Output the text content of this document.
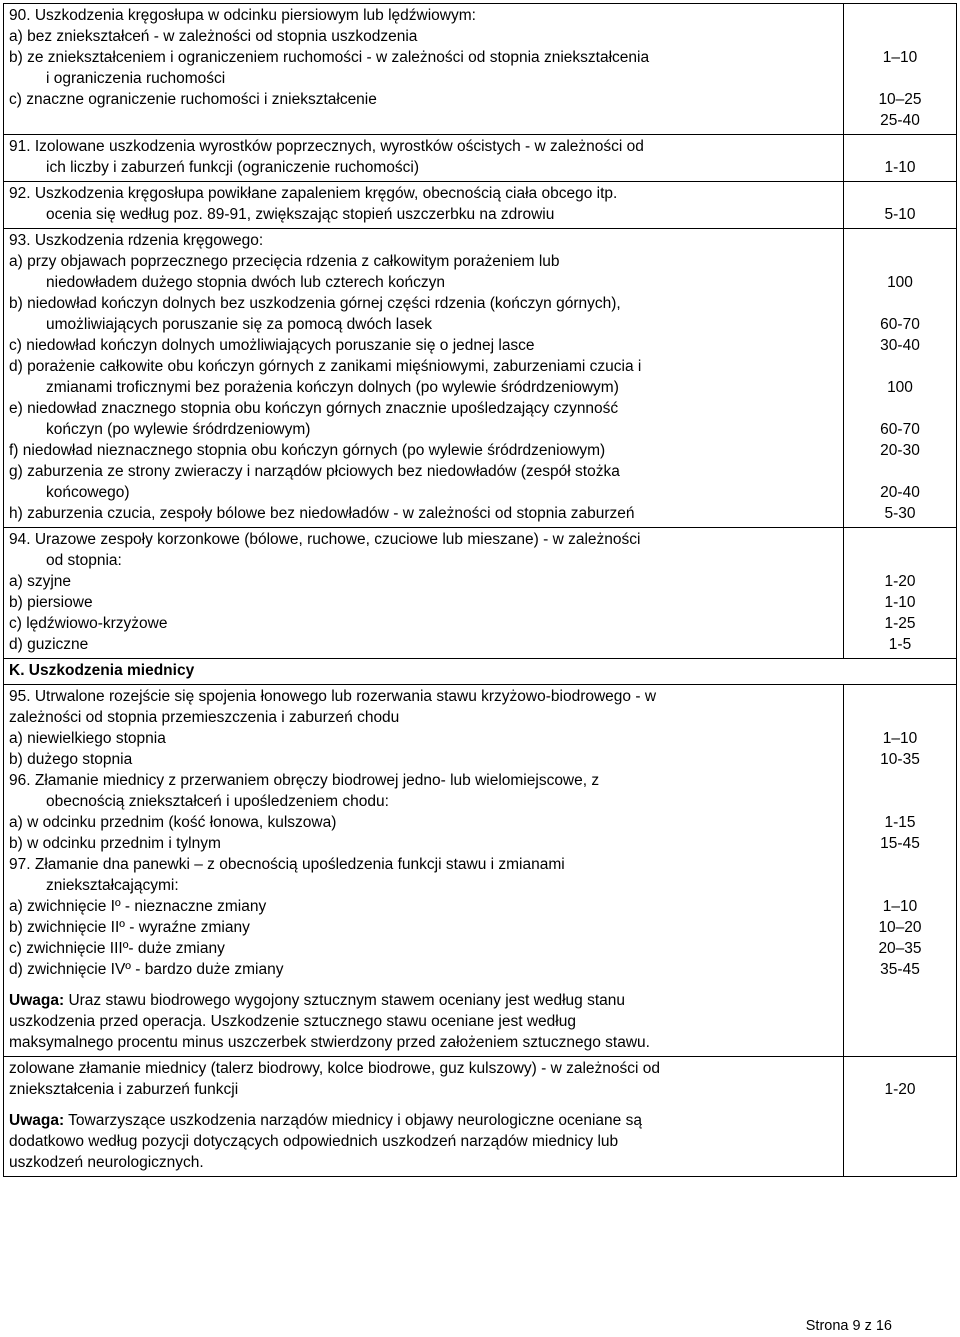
90. Uszkodzenia kręgosłupa w odcinku piersiowym lub lędźwiowym:
a) bez zniekształceń - w zależności od stopnia uszkodzenia
b) ze zniekształceniem i ograniczeniem ruchomości - w zależności od stopnia zniekształcenia
i ograniczenia ruchomości
c) znaczne ograniczenie ruchomości i zniekształcenie
1–10
10–25
25-40
91. Izolowane uszkodzenia wyrostków poprzecznych, wyrostków ościstych - w zależności od
ich liczby i zaburzeń funkcji (ograniczenie ruchomości)	1-10
92. Uszkodzenia kręgosłupa powikłane zapaleniem kręgów, obecnością ciała obcego itp.
ocenia się według poz. 89-91, zwiększając stopień uszczerbku na zdrowiu	5-10
93. Uszkodzenia rdzenia kręgowego:
a) przy objawach poprzecznego przecięcia rdzenia z całkowitym porażeniem lub
niedowładem dużego stopnia dwóch lub czterech kończyn
b) niedowład kończyn dolnych bez uszkodzenia górnej części rdzenia (kończyn górnych),
umożliwiających poruszanie się za pomocą dwóch lasek
c) niedowład kończyn dolnych umożliwiających poruszanie się o jednej lasce
d) porażenie całkowite obu kończyn górnych z zanikami mięśniowymi, zaburzeniami czucia i
zmianami troficznymi bez porażenia kończyn dolnych (po wylewie śródrdzeniowym)
e) niedowład znacznego stopnia obu kończyn górnych znacznie upośledzający czynność
kończyn (po wylewie śródrdzeniowym)
f) niedowład nieznacznego stopnia obu kończyn górnych (po wylewie śródrdzeniowym)
g) zaburzenia ze strony zwieraczy i narządów płciowych bez niedowładów (zespół stożka
końcowego)
h) zaburzenia czucia, zespoły bólowe bez niedowładów - w zależności od stopnia zaburzeń
100
60-70
30-40
100
60-70
20-30
20-40
5-30
94. Urazowe zespoły korzonkowe (bólowe, ruchowe, czuciowe lub mieszane) - w zależności
od stopnia:
a) szyjne
b) piersiowe
c) lędźwiowo-krzyżowe
d) guziczne
1-20
1-10
1-25
1-5
K. Uszkodzenia miednicy
95. Utrwalone rozejście się spojenia łonowego lub rozerwania stawu krzyżowo-biodrowego - w
zależności od stopnia przemieszczenia i zaburzeń chodu
a) niewielkiego stopnia
b) dużego stopnia
96. Złamanie miednicy z przerwaniem obręczy biodrowej jedno- lub wielomiejscowe, z
obecnością zniekształceń i upośledzeniem chodu:
a) w odcinku przednim (kość łonowa, kulszowa)
b) w odcinku przednim i tylnym
97. Złamanie dna panewki – z obecnością upośledzenia funkcji stawu i zmianami
zniekształcającymi:
a) zwichnięcie Iº - nieznaczne zmiany
b) zwichnięcie IIº - wyraźne zmiany
c) zwichnięcie IIIº- duże zmiany
d) zwichnięcie IVº - bardzo duże zmiany
Uwaga: Uraz stawu biodrowego wygojony sztucznym stawem oceniany jest według stanu
uszkodzenia przed operacja. Uszkodzenie sztucznego stawu oceniane jest według
maksymalnego procentu minus uszczerbek stwierdzony przed założeniem sztucznego stawu.
1–10
10-35
1-15
15-45
1–10
10–20
20–35
35-45
zolowane złamanie miednicy (talerz biodrowy, kolce biodrowe, guz kulszowy) - w zależności od
zniekształcenia i zaburzeń funkcji
Uwaga: Towarzyszące uszkodzenia narządów miednicy i objawy neurologiczne oceniane są
dodatkowo według pozycji dotyczących odpowiednich uszkodzeń narządów miednicy lub
uszkodzeń neurologicznych.
1-20
Strona 9 z 16
